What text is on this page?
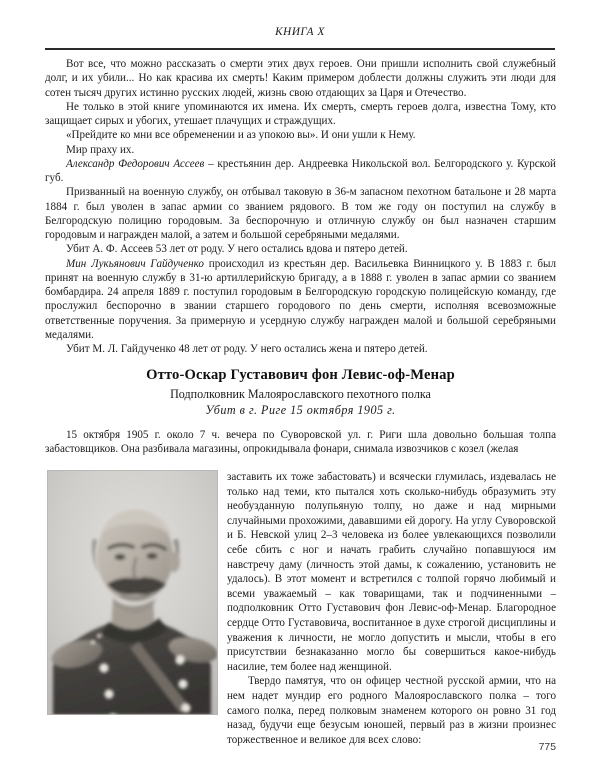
КНИГА X

Вот все, что можно рассказать о смерти этих двух героев. Они пришли исполнить свой служебный долг, и их убили... Но как красива их смерть! Каким примером доблести должны служить эти люди для сотен тысяч других истинно русских людей, жизнь свою отдающих за Царя и Отечество.

Не только в этой книге упоминаются их имена. Их смерть, смерть героев долга, известна Тому, кто защищает сирых и убогих, утешает плачущих и страждущих.

«Прейдите ко мни все обременении и аз упокою вы». И они ушли к Нему.

Мир праху их.

Александр Федорович Ассеев – крестьянин дер. Андреевка Никольской вол. Белгородского у. Курской губ.

Призванный на военную службу, он отбывал таковую в 36-м запасном пехотном батальоне и 28 марта 1884 г. был уволен в запас армии со званием рядового. В том же году он поступил на службу в Белгородскую полицию городовым. За беспорочную и отличную службу он был назначен старшим городовым и награжден малой, а затем и большой серебряными медалями.

Убит А. Ф. Ассеев 53 лет от роду. У него остались вдова и пятеро детей.

Мин Лукьянович Гайдученко происходил из крестьян дер. Васильевка Винницкого у. В 1883 г. был принят на военную службу в 31-ю артиллерийскую бригаду, а в 1888 г. уволен в запас армии со званием бомбардира. 24 апреля 1889 г. поступил городовым в Белгородскую городскую полицейскую команду, где прослужил беспорочно в звании старшего городового по день смерти, исполняя всевозможные ответственные поручения. За примерную и усердную службу награжден малой и большой серебряными медалями.

Убит М. Л. Гайдученко 48 лет от роду. У него остались жена и пятеро детей.

Отто-Оскар Густавович фон Левис-оф-Менар
Подполковник Малоярославского пехотного полка
Убит в г. Риге 15 октября 1905 г.

15 октября 1905 г. около 7 ч. вечера по Суворовской ул. г. Риги шла довольно большая толпа забастовщиков. Она разбивала магазины, опрокидывала фонари, снимала извозчиков с козел (желая

заставить их тоже забастовать) и всячески глумилась, издевалась не только над теми, кто пытался хоть сколько-нибудь образумить эту необузданную полупьяную толпу, но даже и над мирными случайными прохожими, дававшими ей дорогу. На углу Суворовской и Б. Невской улиц 2–3 человека из более увлекающихся позволили себе сбить с ног и начать грабить случайно попавшуюся им навстречу даму (личность этой дамы, к сожалению, установить не удалось). В этот момент и встретился с толпой горячо любимый и всеми уважаемый – как товарищами, так и подчиненными – подполковник Отто Густавович фон Левис-оф-Менар. Благородное сердце Отто Густавовича, воспитанное в духе строгой дисциплины и уважения к личности, не могло допустить и мысли, чтобы в его присутствии безнаказанно могло бы совершиться какое-нибудь насилие, тем более над женщиной.

Твердо памятуя, что он офицер честной русской армии, что на нем надет мундир его родного Малоярославского полка – того самого полка, перед полковым знаменем которого он ровно 31 год назад, будучи еще безусым юношей, первый раз в жизни произнес торжественное и великое для всех слово:

775
